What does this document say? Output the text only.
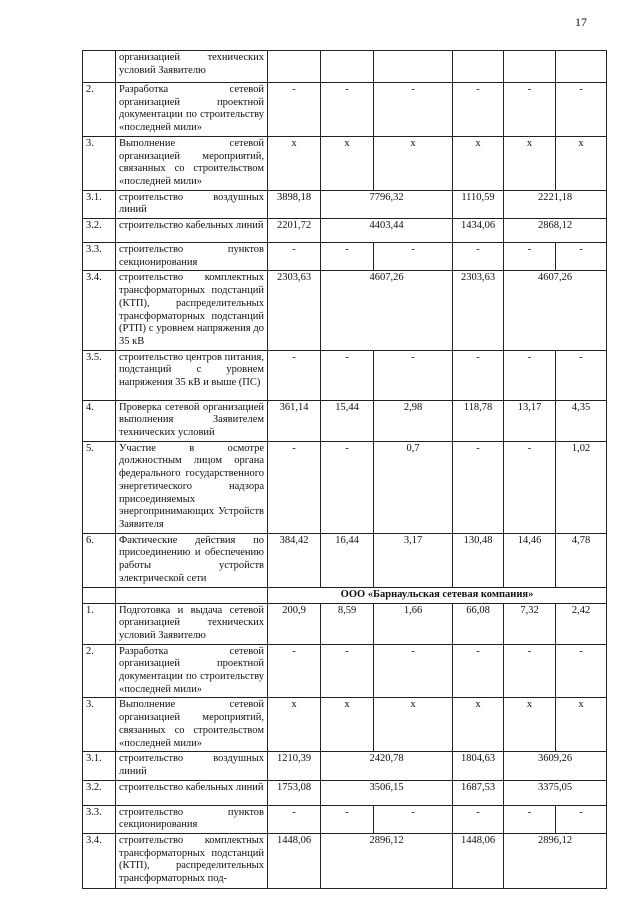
17
	организацией технических условий Заявителю						
2.	Разработка сетевой организацией проектной документации по строительству «последней мили»	-	-	-	-	-	-
3.	Выполнение сетевой организацией мероприятий, связанных со строительством «последней мили»	x	x	x	x	x	x
3.1.	строительство воздушных линий	3898,18	7796,32		1110,59	2221,18	
3.2.	строительство кабельных линий	2201,72	4403,44		1434,06	2868,12	
3.3.	строительство пунктов секционирования	-	-	-	-	-	-
3.4.	строительство комплектных трансформаторных подстанций (КТП), распределительных трансформаторных подстанций (РТП) с уровнем напряжения до 35 кВ	2303,63	4607,26		2303,63	4607,26	
3.5.	строительство центров питания, подстанций с уровнем напряжения 35 кВ и выше (ПС)	-	-	-	-	-	-
4.	Проверка сетевой организацией выполнения Заявителем технических условий	361,14	15,44	2,98	118,78	13,17	4,35
5.	Участие в осмотре должностным лицом органа федерального государственного энергетического надзора присоединяемых энергопринимающих Устройств Заявителя	-	-	0,7	-	-	1,02
6.	Фактические действия по присоединению и обеспечению работы устройств электрической сети	384,42	16,44	3,17	130,48	14,46	4,78
		ООО «Барнаульская сетевая компания»					
1.	Подготовка и выдача сетевой организацией технических условий Заявителю	200,9	8,59	1,66	66,08	7,32	2,42
2.	Разработка сетевой организацией проектной документации по строительству «последней мили»	-	-	-	-	-	-
3.	Выполнение сетевой организацией мероприятий, связанных со строительством «последней мили»	x	x	x	x	x	x
3.1.	строительство воздушных линий	1210,39	2420,78		1804,63	3609,26	
3.2.	строительство кабельных линий	1753,08	3506,15		1687,53	3375,05	
3.3.	строительство пунктов секционирования	-	-	-	-	-	-
3.4.	строительство комплектных трансформаторных подстанций (КТП), распределительных трансформаторных под-	1448,06	2896,12		1448,06	2896,12	
